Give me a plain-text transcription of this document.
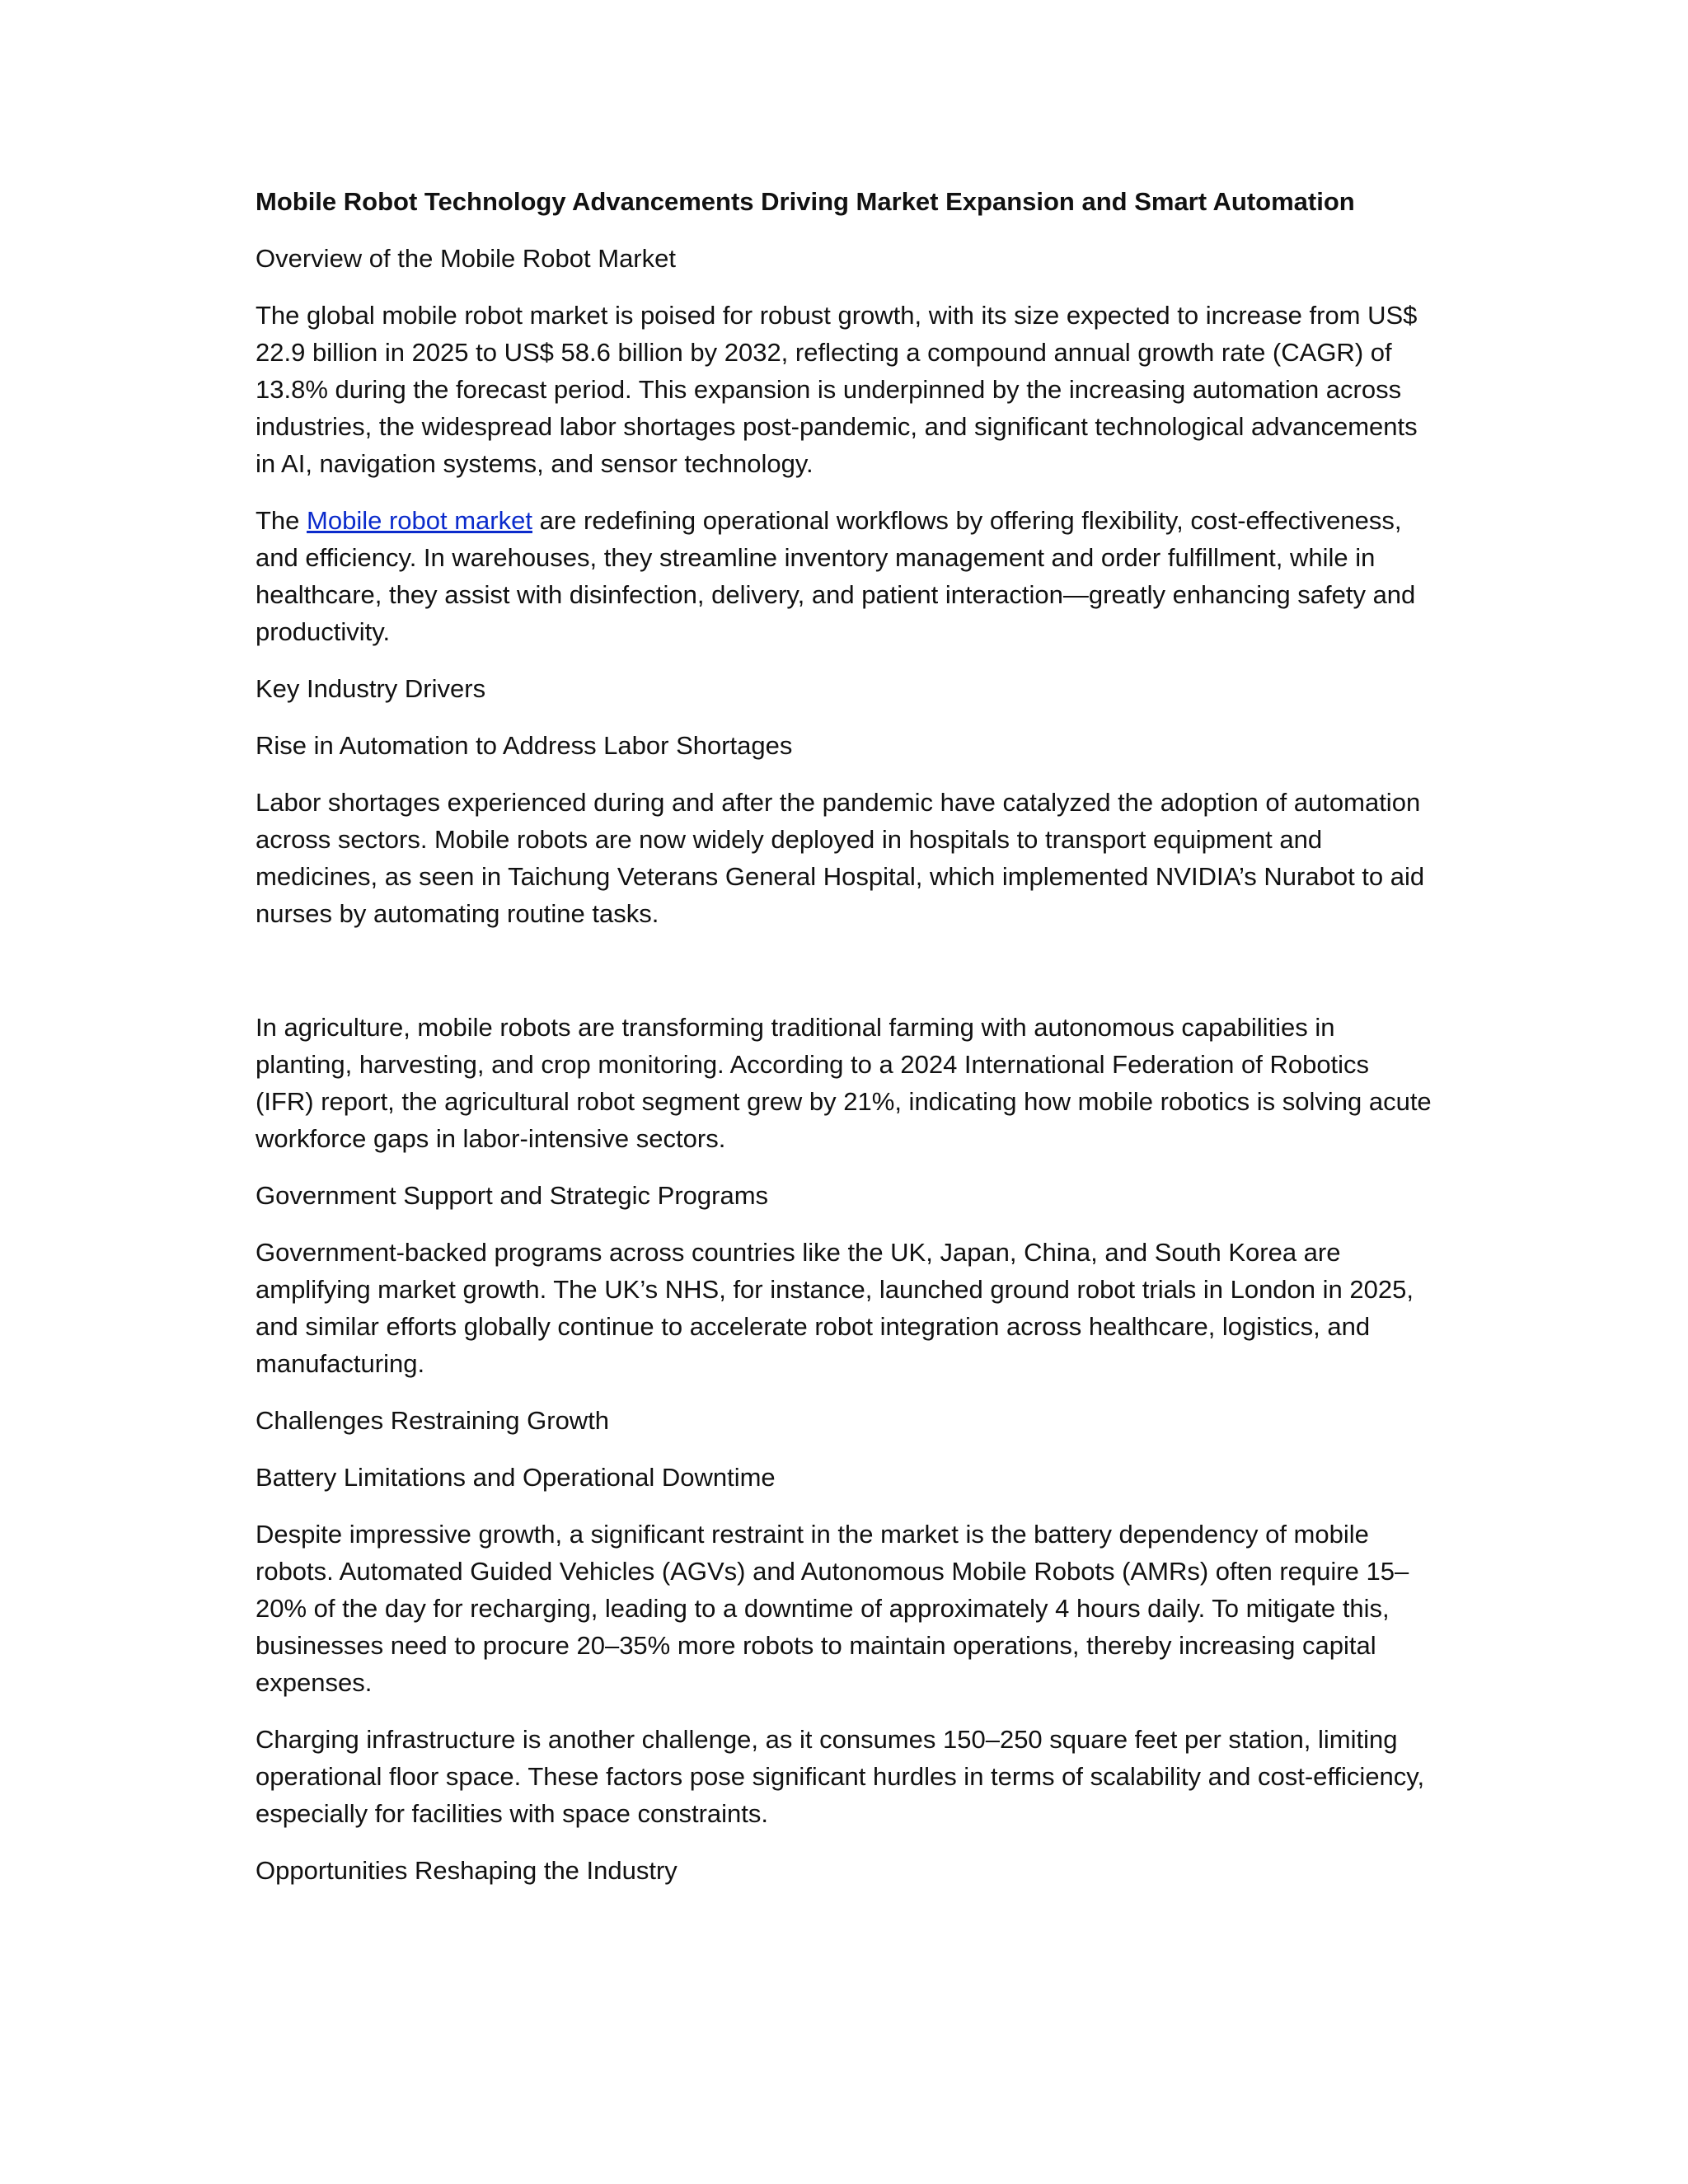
Mobile Robot Technology Advancements Driving Market Expansion and Smart Automation

Overview of the Mobile Robot Market

The global mobile robot market is poised for robust growth, with its size expected to increase from US$ 22.9 billion in 2025 to US$ 58.6 billion by 2032, reflecting a compound annual growth rate (CAGR) of 13.8% during the forecast period. This expansion is underpinned by the increasing automation across industries, the widespread labor shortages post-pandemic, and significant technological advancements in AI, navigation systems, and sensor technology.

The Mobile robot market are redefining operational workflows by offering flexibility, cost-effectiveness, and efficiency. In warehouses, they streamline inventory management and order fulfillment, while in healthcare, they assist with disinfection, delivery, and patient interaction—greatly enhancing safety and productivity.

Key Industry Drivers

Rise in Automation to Address Labor Shortages

Labor shortages experienced during and after the pandemic have catalyzed the adoption of automation across sectors. Mobile robots are now widely deployed in hospitals to transport equipment and medicines, as seen in Taichung Veterans General Hospital, which implemented NVIDIA’s Nurabot to aid nurses by automating routine tasks.

In agriculture, mobile robots are transforming traditional farming with autonomous capabilities in planting, harvesting, and crop monitoring. According to a 2024 International Federation of Robotics (IFR) report, the agricultural robot segment grew by 21%, indicating how mobile robotics is solving acute workforce gaps in labor-intensive sectors.

Government Support and Strategic Programs

Government-backed programs across countries like the UK, Japan, China, and South Korea are amplifying market growth. The UK’s NHS, for instance, launched ground robot trials in London in 2025, and similar efforts globally continue to accelerate robot integration across healthcare, logistics, and manufacturing.

Challenges Restraining Growth

Battery Limitations and Operational Downtime

Despite impressive growth, a significant restraint in the market is the battery dependency of mobile robots. Automated Guided Vehicles (AGVs) and Autonomous Mobile Robots (AMRs) often require 15–20% of the day for recharging, leading to a downtime of approximately 4 hours daily. To mitigate this, businesses need to procure 20–35% more robots to maintain operations, thereby increasing capital expenses.

Charging infrastructure is another challenge, as it consumes 150–250 square feet per station, limiting operational floor space. These factors pose significant hurdles in terms of scalability and cost-efficiency, especially for facilities with space constraints.

Opportunities Reshaping the Industry
